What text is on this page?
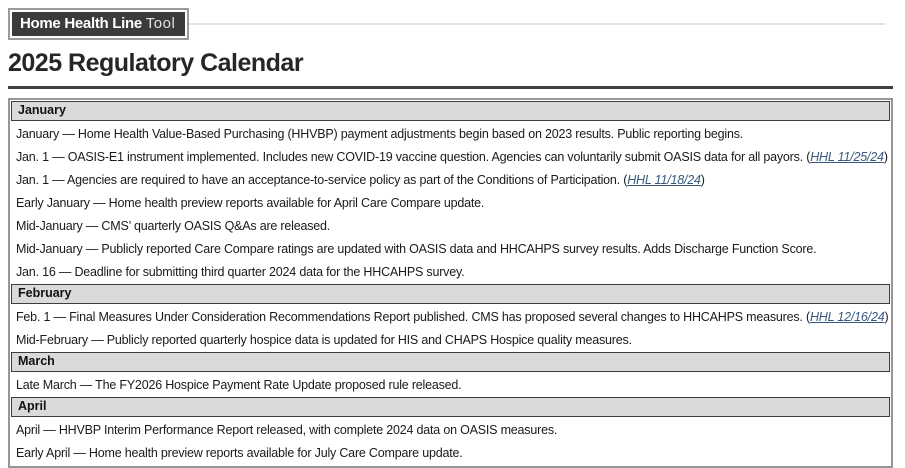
Home Health Line Tool
2025 Regulatory Calendar
January
January — Home Health Value-Based Purchasing (HHVBP) payment adjustments begin based on 2023 results. Public reporting begins.
Jan. 1 — OASIS-E1 instrument implemented. Includes new COVID-19 vaccine question. Agencies can voluntarily submit OASIS data for all payors. (HHL 11/25/24)
Jan. 1 — Agencies are required to have an acceptance-to-service policy as part of the Conditions of Participation. (HHL 11/18/24)
Early January — Home health preview reports available for April Care Compare update.
Mid-January — CMS’ quarterly OASIS Q&As are released.
Mid-January — Publicly reported Care Compare ratings are updated with OASIS data and HHCAHPS survey results. Adds Discharge Function Score.
Jan. 16 — Deadline for submitting third quarter 2024 data for the HHCAHPS survey.
February
Feb. 1 — Final Measures Under Consideration Recommendations Report published. CMS has proposed several changes to HHCAHPS measures. (HHL 12/16/24)
Mid-February — Publicly reported quarterly hospice data is updated for HIS and CHAPS Hospice quality measures.
March
Late March — The FY2026 Hospice Payment Rate Update proposed rule released.
April
April — HHVBP Interim Performance Report released, with complete 2024 data on OASIS measures.
Early April — Home health preview reports available for July Care Compare update.
